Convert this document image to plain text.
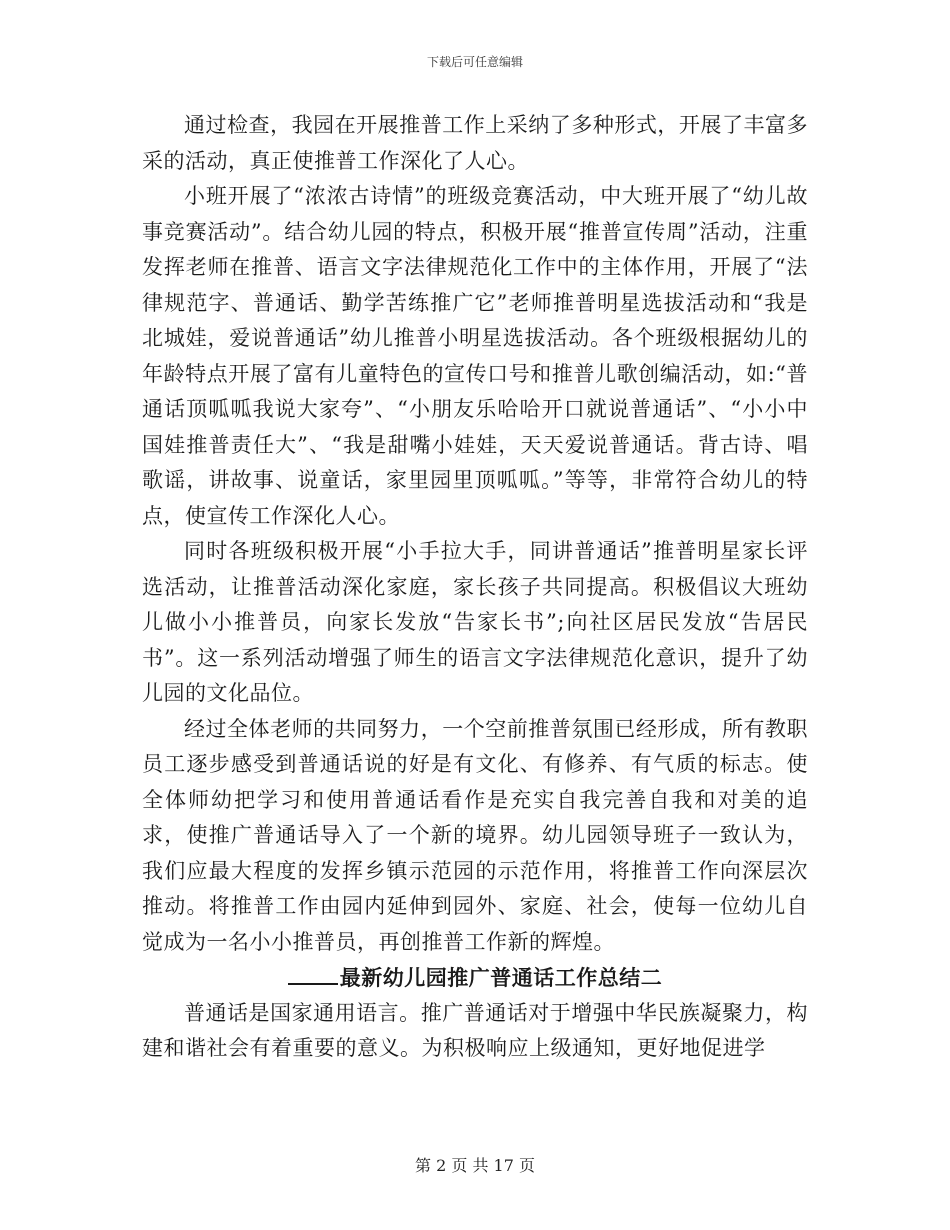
下载后可任意编辑

通过检查，我园在开展推普工作上采纳了多种形式，开展了丰富多采的活动，真正使推普工作深化了人心。

小班开展了“浓浓古诗情”的班级竞赛活动，中大班开展了“幼儿故事竞赛活动”。结合幼儿园的特点，积极开展“推普宣传周”活动，注重发挥老师在推普、语言文字法律规范化工作中的主体作用，开展了“法律规范字、普通话、勤学苦练推广它”老师推普明星选拔活动和“我是北城娃，爱说普通话”幼儿推普小明星选拔活动。各个班级根据幼儿的年龄特点开展了富有儿童特色的宣传口号和推普儿歌创编活动，如:“普通话顶呱呱我说大家夸”、“小朋友乐哈哈开口就说普通话”、“小小中国娃推普责任大”、“我是甜嘴小娃娃，天天爱说普通话。背古诗、唱歌谣，讲故事、说童话，家里园里顶呱呱。”等等，非常符合幼儿的特点，使宣传工作深化人心。

同时各班级积极开展“小手拉大手，同讲普通话”推普明星家长评选活动，让推普活动深化家庭，家长孩子共同提高。积极倡议大班幼儿做小小推普员，向家长发放“告家长书”;向社区居民发放“告居民书”。这一系列活动增强了师生的语言文字法律规范化意识，提升了幼儿园的文化品位。

经过全体老师的共同努力，一个空前推普氛围已经形成，所有教职员工逐步感受到普通话说的好是有文化、有修养、有气质的标志。使全体师幼把学习和使用普通话看作是充实自我完善自我和对美的追求，使推广普通话导入了一个新的境界。幼儿园领导班子一致认为，我们应最大程度的发挥乡镇示范园的示范作用，将推普工作向深层次推动。将推普工作由园内延伸到园外、家庭、社会，使每一位幼儿自觉成为一名小小推普员，再创推普工作新的辉煌。

最新幼儿园推广普通话工作总结二

普通话是国家通用语言。推广普通话对于增强中华民族凝聚力，构建和谐社会有着重要的意义。为积极响应上级通知，更好地促进学

第 2 页 共 17 页
